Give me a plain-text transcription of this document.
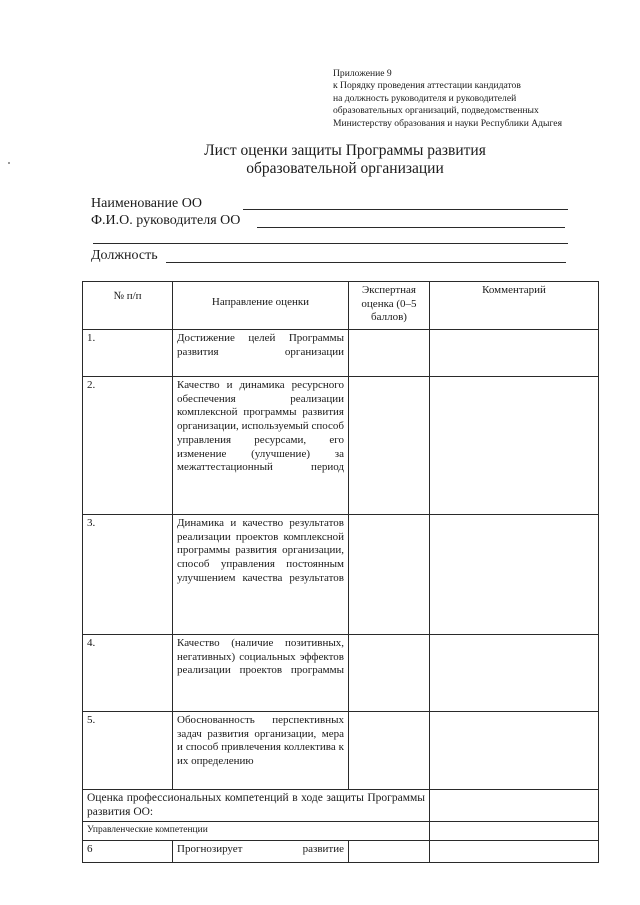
Приложение 9
к Порядку проведения аттестации кандидатов
на должность руководителя и руководителей
образовательных организаций, подведомственных
Министерству образования и науки Республики Адыгея
Лист оценки защиты Программы развития
образовательной организации
Наименование ОО
Ф.И.О. руководителя ОО
Должность
№ п/п	Направление оценки	Экспертная оценка (0–5 баллов)	Комментарий
1.	Достижение целей Программы развития организации		
2.	Качество и динамика ресурсного обеспечения реализации комплексной программы развития организации, используемый способ управления ресурсами, его изменение (улучшение) за межаттестационный период		
3.	Динамика и качество результатов реализации проектов комплексной программы развития организации, способ управления постоянным улучшением качества результатов		
4.	Качество (наличие позитивных, негативных) социальных эффектов реализации проектов программы		
5.	Обоснованность перспективных задач развития организации, мера и способ привлечения коллектива к их определению		
Оценка профессиональных компетенций в ходе защиты Программы развития ОО:			
Управленческие компетенции			
6	Прогнозирует развитие		
